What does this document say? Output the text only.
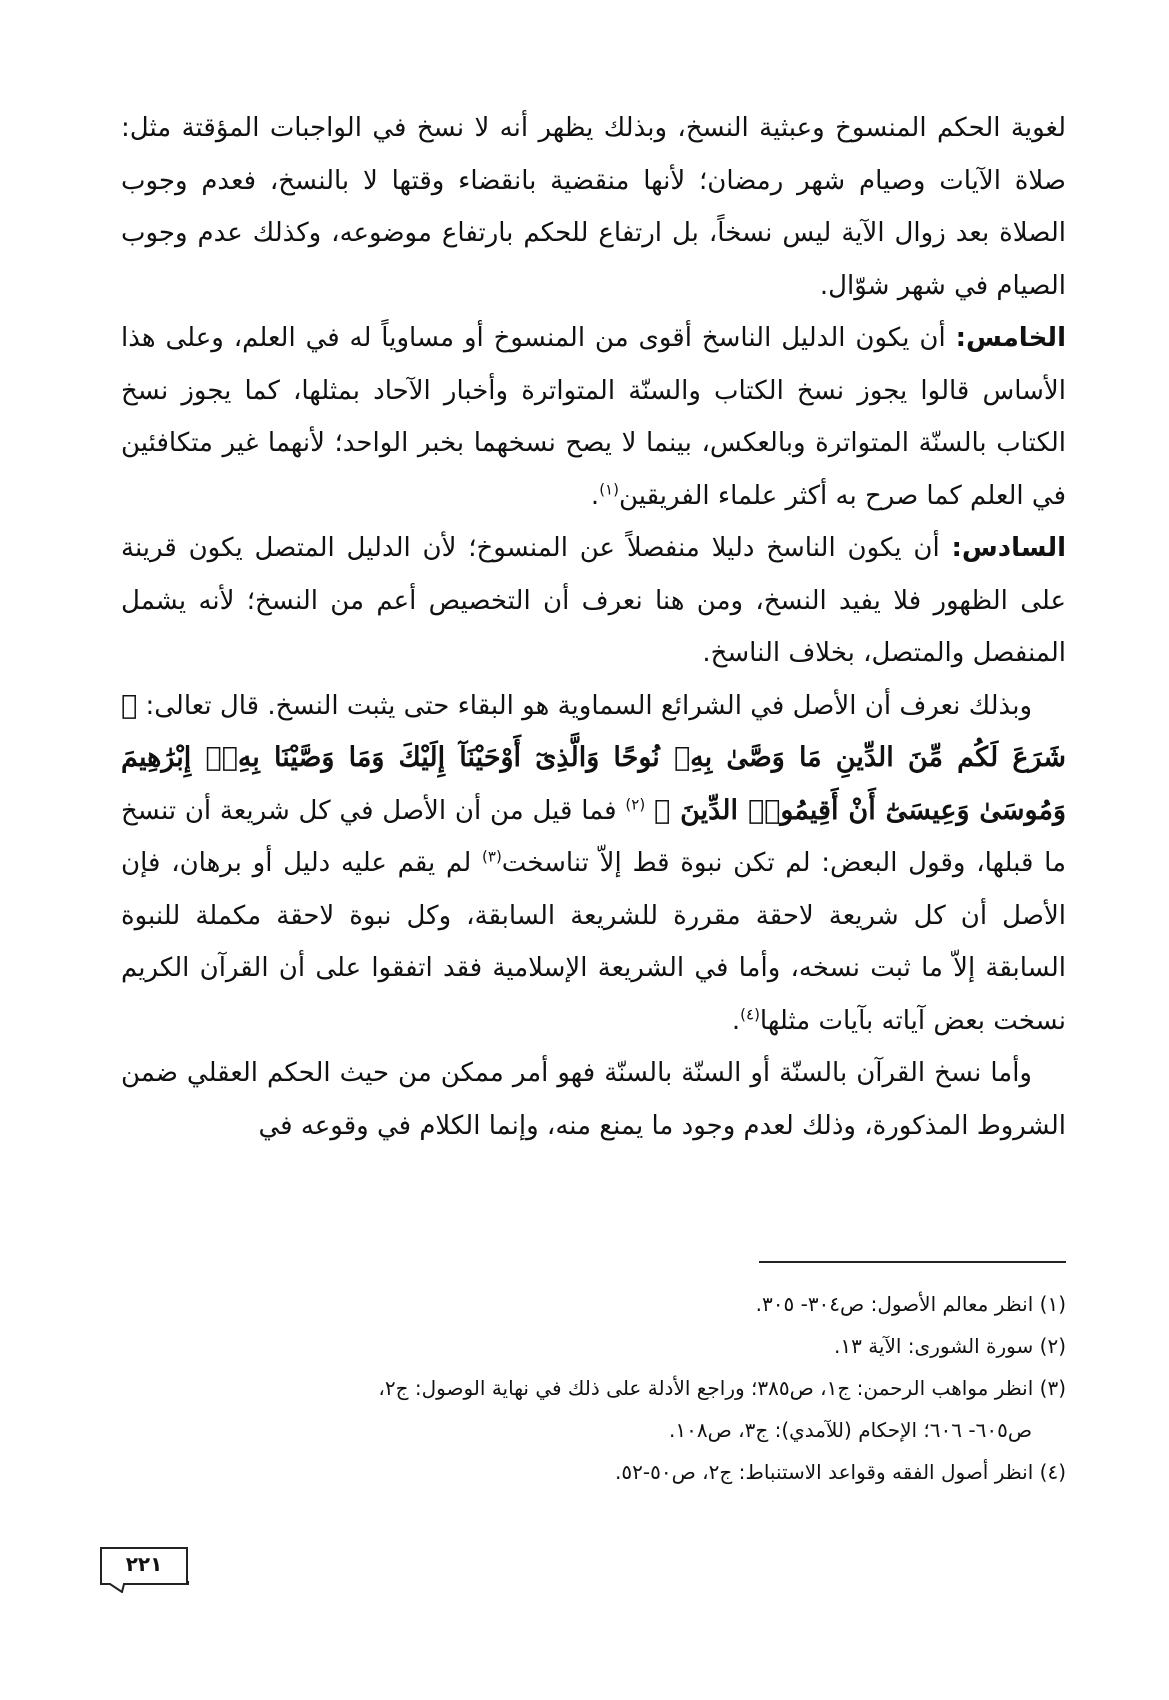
لغوية الحكم المنسوخ وعبثية النسخ، وبذلك يظهر أنه لا نسخ في الواجبات المؤقتة مثل: صلاة الآيات وصيام شهر رمضان؛ لأنها منقضية بانقضاء وقتها لا بالنسخ، فعدم وجوب الصلاة بعد زوال الآية ليس نسخاً، بل ارتفاع للحكم بارتفاع موضوعه، وكذلك عدم وجوب الصيام في شهر شوّال.

الخامس: أن يكون الدليل الناسخ أقوى من المنسوخ أو مساوياً له في العلم، وعلى هذا الأساس قالوا يجوز نسخ الكتاب والسنّة المتواترة وأخبار الآحاد بمثلها، كما يجوز نسخ الكتاب بالسنّة المتواترة وبالعكس، بينما لا يصح نسخهما بخبر الواحد؛ لأنهما غير متكافئين في العلم كما صرح به أكثر علماء الفريقين$^{(١)}$.

السادس: أن يكون الناسخ دليلا منفصلاً عن المنسوخ؛ لأن الدليل المتصل يكون قرينة على الظهور فلا يفيد النسخ، ومن هنا نعرف أن التخصيص أعم من النسخ؛ لأنه يشمل المنفصل والمتصل، بخلاف الناسخ.

وبذلك نعرف أن الأصل في الشرائع السماوية هو البقاء حتى يثبت النسخ. قال تعالى: ﴿ شَرَعَ لَكُم مِّنَ الدِّينِ مَا وَصَّىٰ بِهِۦ نُوحًا وَالَّذِىٓ أَوْحَيْنَآ إِلَيْكَ وَمَا وَصَّيْنَا بِهِۦٓ إِبْرَٰهِيمَ وَمُوسَىٰ وَعِيسَىٰٓ أَنْ أَقِيمُوا۟ الدِّينَ ﴾ $^{(٢)}$ فما قيل من أن الأصل في كل شريعة أن تنسخ ما قبلها، وقول البعض: لم تكن نبوة قط إلاّ تناسخت$^{(٣)}$ لم يقم عليه دليل أو برهان، فإن الأصل أن كل شريعة لاحقة مقررة للشريعة السابقة، وكل نبوة لاحقة مكملة للنبوة السابقة إلاّ ما ثبت نسخه، وأما في الشريعة الإسلامية فقد اتفقوا على أن القرآن الكريم نسخت بعض آياته بآيات مثلها$^{(٤)}$.

وأما نسخ القرآن بالسنّة أو السنّة بالسنّة فهو أمر ممكن من حيث الحكم العقلي ضمن الشروط المذكورة، وذلك لعدم وجود ما يمنع منه، وإنما الكلام في وقوعه في

(١) انظر معالم الأصول: ص٣٠٤- ٣٠٥.

(٢) سورة الشورى: الآية ١٣.

(٣) انظر مواهب الرحمن: ج١، ص٣٨٥؛ وراجع الأدلة على ذلك في نهاية الوصول: ج٢،

ص٦٠٥- ٦٠٦؛ الإحكام (للآمدي): ج٣، ص١٠٨.

(٤) انظر أصول الفقه وقواعد الاستنباط: ج٢، ص٥٠-٥٢.

٢٢١
